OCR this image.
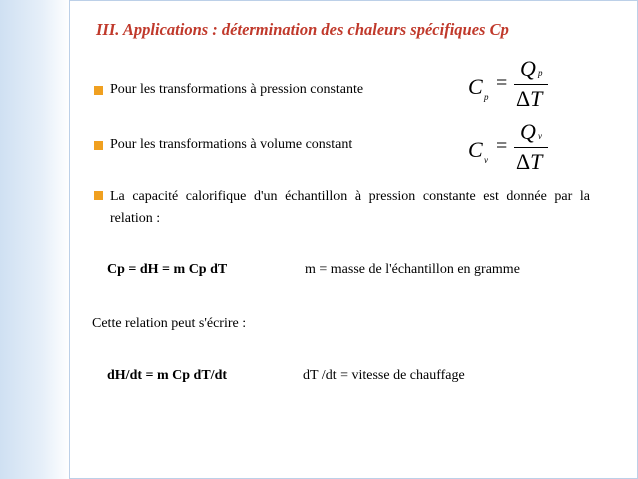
III. Applications : détermination des chaleurs spécifiques Cp
Pour les transformations à pression constante	C p
=
Q p
ΔT
Pour les transformations à volume constant	C v
=
Q v
ΔT
La capacité calorifique d'un échantillon à pression constante est donnée par la relation :
Cp = dH = m Cp dT	m = masse de l'échantillon en gramme
Cette relation peut s'écrire :
dH/dt = m Cp dT/dt	dT /dt = vitesse de chauffage
